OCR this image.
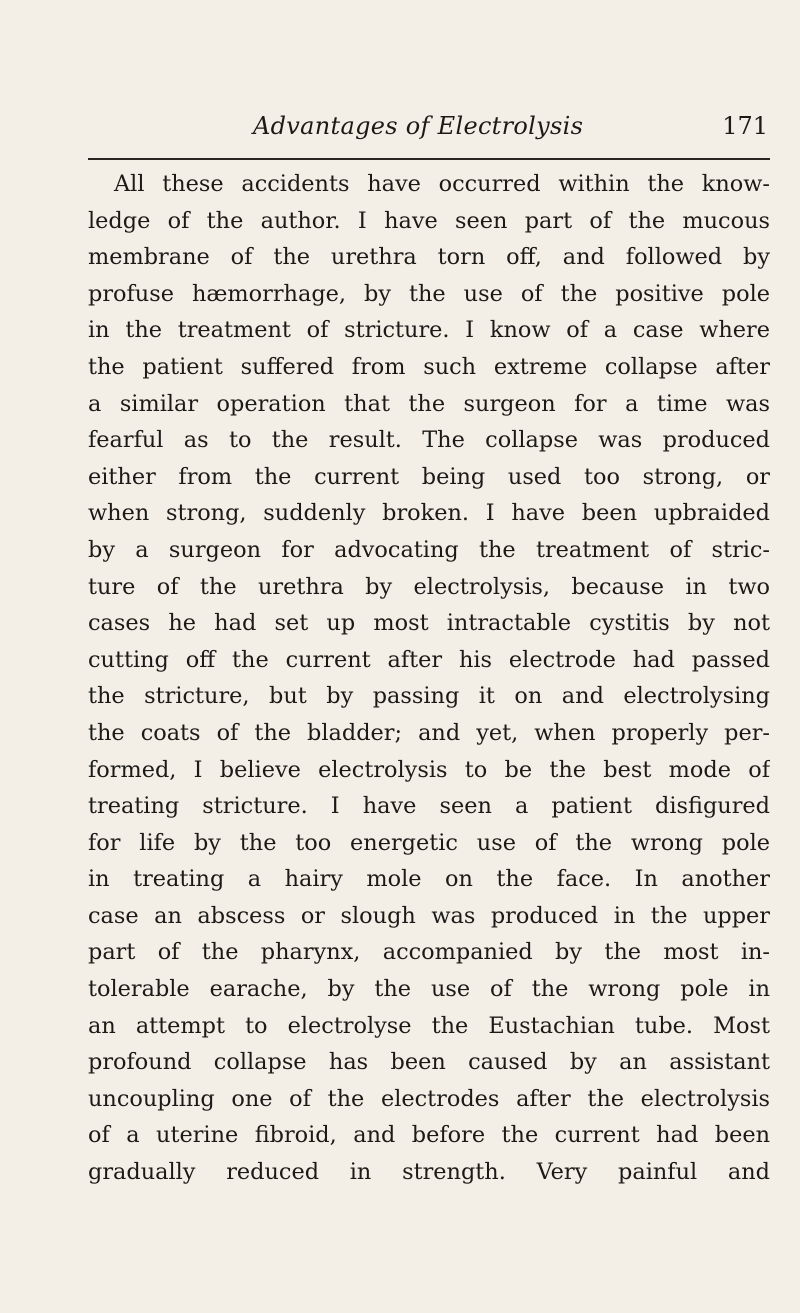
Advantages of Electrolysis	171
All these accidents have occurred within the know-
ledge of the author. I have seen part of the mucous
membrane of the urethra torn off, and followed by
profuse hæmorrhage, by the use of the positive pole
in the treatment of stricture. I know of a case where
the patient suffered from such extreme collapse after
a similar operation that the surgeon for a time was
fearful as to the result. The collapse was produced
either from the current being used too strong, or
when strong, suddenly broken. I have been upbraided
by a surgeon for advocating the treatment of stric-
ture of the urethra by electrolysis, because in two
cases he had set up most intractable cystitis by not
cutting off the current after his electrode had passed
the stricture, but by passing it on and electrolysing
the coats of the bladder; and yet, when properly per-
formed, I believe electrolysis to be the best mode of
treating stricture. I have seen a patient disfigured
for life by the too energetic use of the wrong pole
in treating a hairy mole on the face. In another
case an abscess or slough was produced in the upper
part of the pharynx, accompanied by the most in-
tolerable earache, by the use of the wrong pole in
an attempt to electrolyse the Eustachian tube. Most
profound collapse has been caused by an assistant
uncoupling one of the electrodes after the electrolysis
of a uterine fibroid, and before the current had been
gradually reduced in strength. Very painful and
